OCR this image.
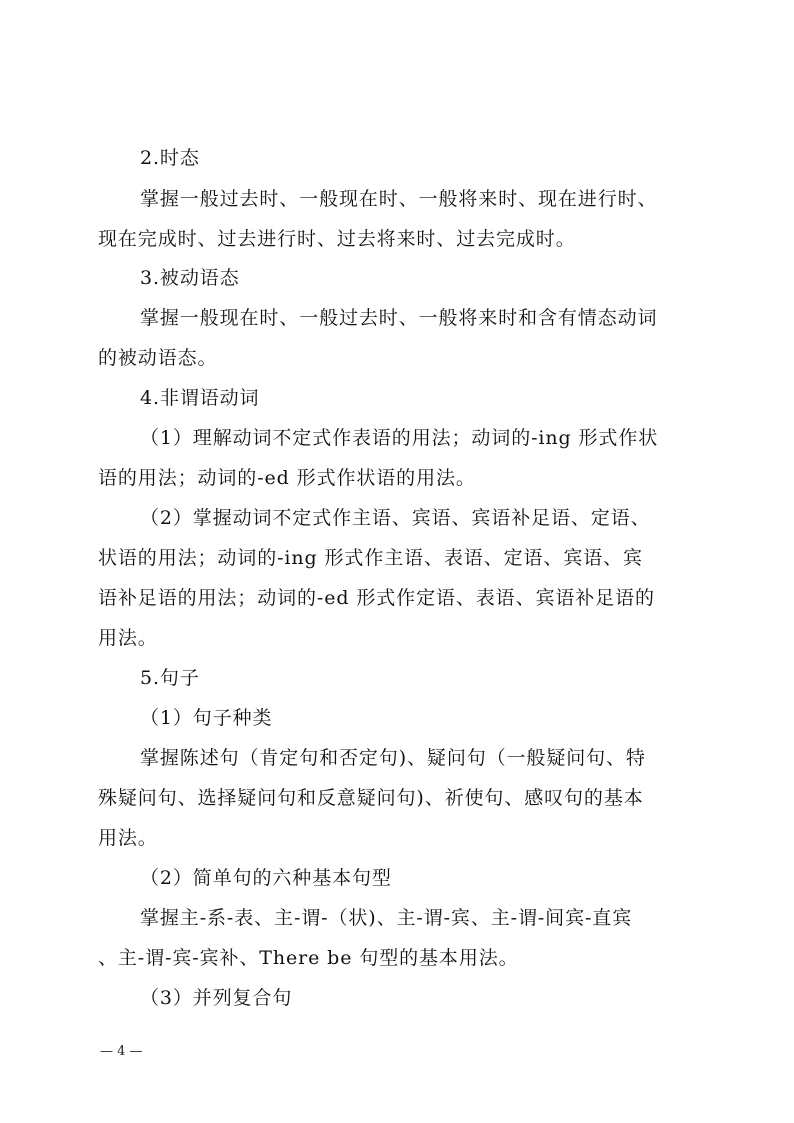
2.时态
掌握一般过去时、一般现在时、一般将来时、现在进行时、
现在完成时、过去进行时、过去将来时、过去完成时。
3.被动语态
掌握一般现在时、一般过去时、一般将来时和含有情态动词
的被动语态。
4.非谓语动词
（1）理解动词不定式作表语的用法；动词的-ing 形式作状
语的用法；动词的-ed 形式作状语的用法。
（2）掌握动词不定式作主语、宾语、宾语补足语、定语、
状语的用法；动词的-ing 形式作主语、表语、定语、宾语、宾
语补足语的用法；动词的-ed 形式作定语、表语、宾语补足语的
用法。
5.句子
（1）句子种类
掌握陈述句（肯定句和否定句)、疑问句（一般疑问句、特
殊疑问句、选择疑问句和反意疑问句)、祈使句、感叹句的基本
用法。
（2）简单句的六种基本句型
掌握主-系-表、主-谓-（状)、主-谓-宾、主-谓-间宾-直宾
、主-谓-宾-宾补、There be 句型的基本用法。
（3）并列复合句
— 4 —
